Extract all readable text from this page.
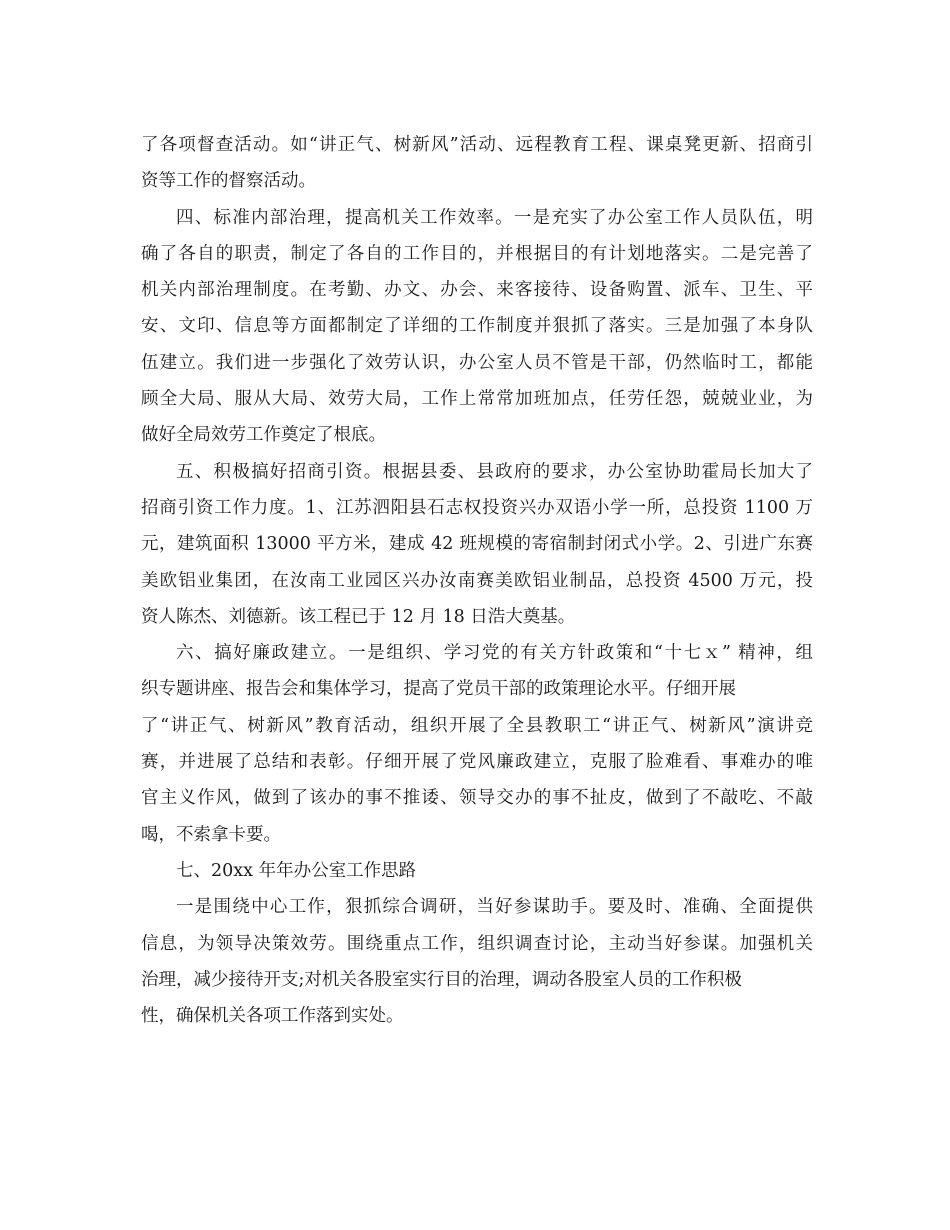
了各项督查活动。如“讲正气、树新风”活动、远程教育工程、课桌凳更新、招商引
资等工作的督察活动。
四、标准内部治理，提高机关工作效率。一是充实了办公室工作人员队伍，明
确了各自的职责，制定了各自的工作目的，并根据目的有计划地落实。二是完善了
机关内部治理制度。在考勤、办文、办会、来客接待、设备购置、派车、卫生、平
安、文印、信息等方面都制定了详细的工作制度并狠抓了落实。三是加强了本身队
伍建立。我们进一步强化了效劳认识，办公室人员不管是干部，仍然临时工，都能
顾全大局、服从大局、效劳大局，工作上常常加班加点，任劳任怨，兢兢业业，为
做好全局效劳工作奠定了根底。
五、积极搞好招商引资。根据县委、县政府的要求，办公室协助霍局长加大了
招商引资工作力度。1、江苏泗阳县石志权投资兴办双语小学一所，总投资 1100 万
元，建筑面积 13000 平方米，建成 42 班规模的寄宿制封闭式小学。2、引进广东赛
美欧铝业集团，在汝南工业园区兴办汝南赛美欧铝业制品，总投资 4500 万元，投
资人陈杰、刘德新。该工程已于 12 月 18 日浩大奠基。
六、搞好廉政建立。一是组织、学习党的有关方针政策和“十七ｘ” 精神，组
织专题讲座、报告会和集体学习，提高了党员干部的政策理论水平。仔细开展
了“讲正气、树新风”教育活动，组织开展了全县教职工“讲正气、树新风”演讲竞
赛，并进展了总结和表彰。仔细开展了党风廉政建立，克服了脸难看、事难办的唯
官主义作风，做到了该办的事不推诿、领导交办的事不扯皮，做到了不敲吃、不敲
喝，不索拿卡要。
七、20xx 年年办公室工作思路
一是围绕中心工作，狠抓综合调研，当好参谋助手。要及时、准确、全面提供
信息，为领导决策效劳。围绕重点工作，组织调查讨论，主动当好参谋。加强机关
治理，减少接待开支;对机关各股室实行目的治理，调动各股室人员的工作积极
性，确保机关各项工作落到实处。
